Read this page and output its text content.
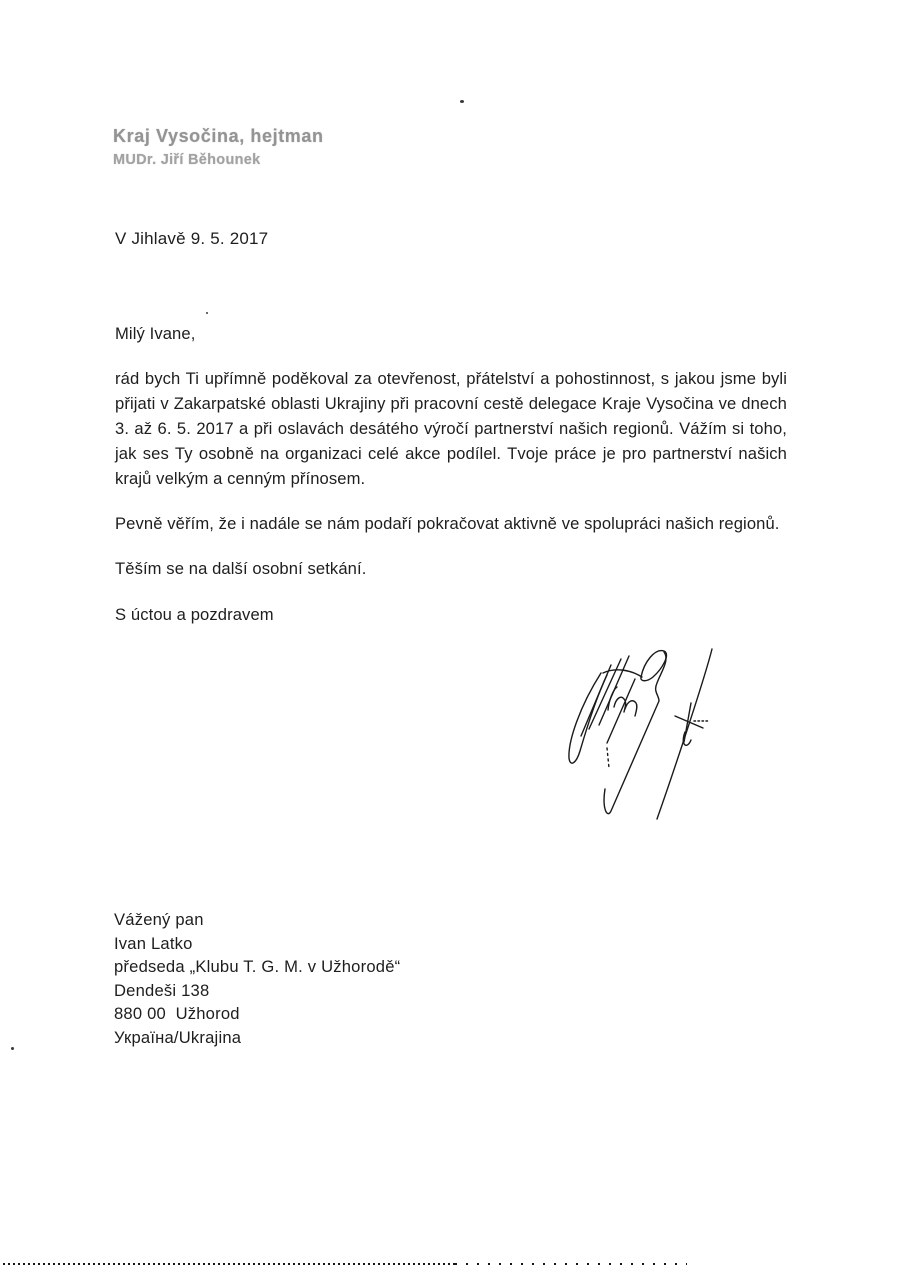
Kraj Vysočina, hejtman
MUDr. Jiří Běhounek
V Jihlavě 9. 5. 2017

Milý Ivane,

rád bych Ti upřímně poděkoval za otevřenost, přátelství a pohostinnost, s jakou jsme byli přijati v Zakarpatské oblasti Ukrajiny při pracovní cestě delegace Kraje Vysočina ve dnech 3. až 6. 5. 2017 a při oslavách desátého výročí partnerství našich regionů. Vážím si toho, jak ses Ty osobně na organizaci celé akce podílel. Tvoje práce je pro partnerství našich krajů velkým a cenným přínosem.

Pevně věřím, že i nadále se nám podaří pokračovat aktivně ve spolupráci našich regionů.

Těším se na další osobní setkání.

S úctou a pozdravem

Vážený pan
Ivan Latko
předseda „Klubu T. G. M. v Užhorodě“
Dendeši 138
880 00  Užhorod
Україна/Ukrajina
